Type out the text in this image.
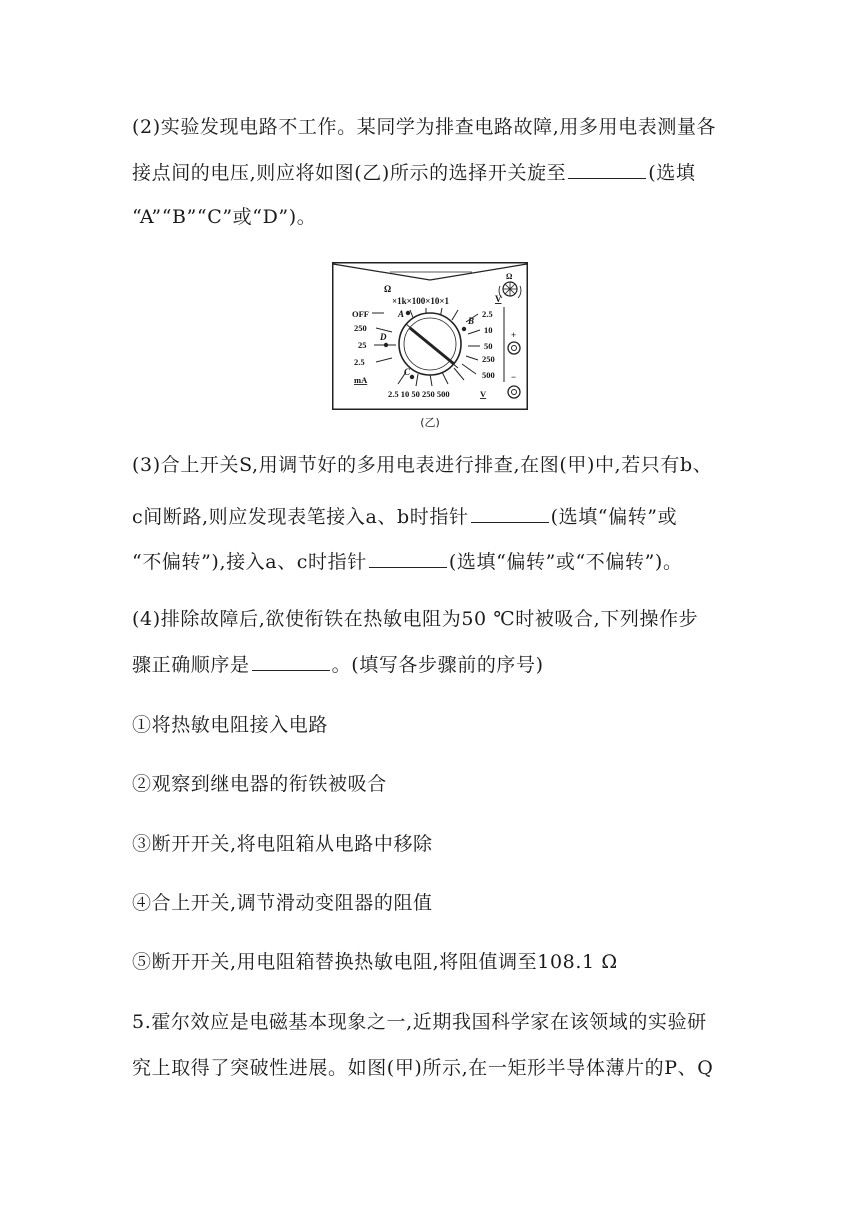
(2)实验发现电路不工作。某同学为排查电路故障,用多用电表测量各
接点间的电压,则应将如图(乙)所示的选择开关旋至	(选填
“A”“B”“C”或“D”)。
Ω
×1k×100×10×1	V
OFF
250
25
2.5
mA
2.5
10
50
250
500
2.5 10 50 250 500	V
A
B
C
D
Ω
+
−
(乙)
(3)合上开关S,用调节好的多用电表进行排查,在图(甲)中,若只有b、
c间断路,则应发现表笔接入a、b时指针	(选填“偏转”或
“不偏转”),接入a、c时指针	(选填“偏转”或“不偏转”)。
(4)排除故障后,欲使衔铁在热敏电阻为50 ℃时被吸合,下列操作步
骤正确顺序是	。(填写各步骤前的序号)
①将热敏电阻接入电路
②观察到继电器的衔铁被吸合
③断开开关,将电阻箱从电路中移除
④合上开关,调节滑动变阻器的阻值
⑤断开开关,用电阻箱替换热敏电阻,将阻值调至108.1 Ω
5.霍尔效应是电磁基本现象之一,近期我国科学家在该领域的实验研
究上取得了突破性进展。如图(甲)所示,在一矩形半导体薄片的P、Q
